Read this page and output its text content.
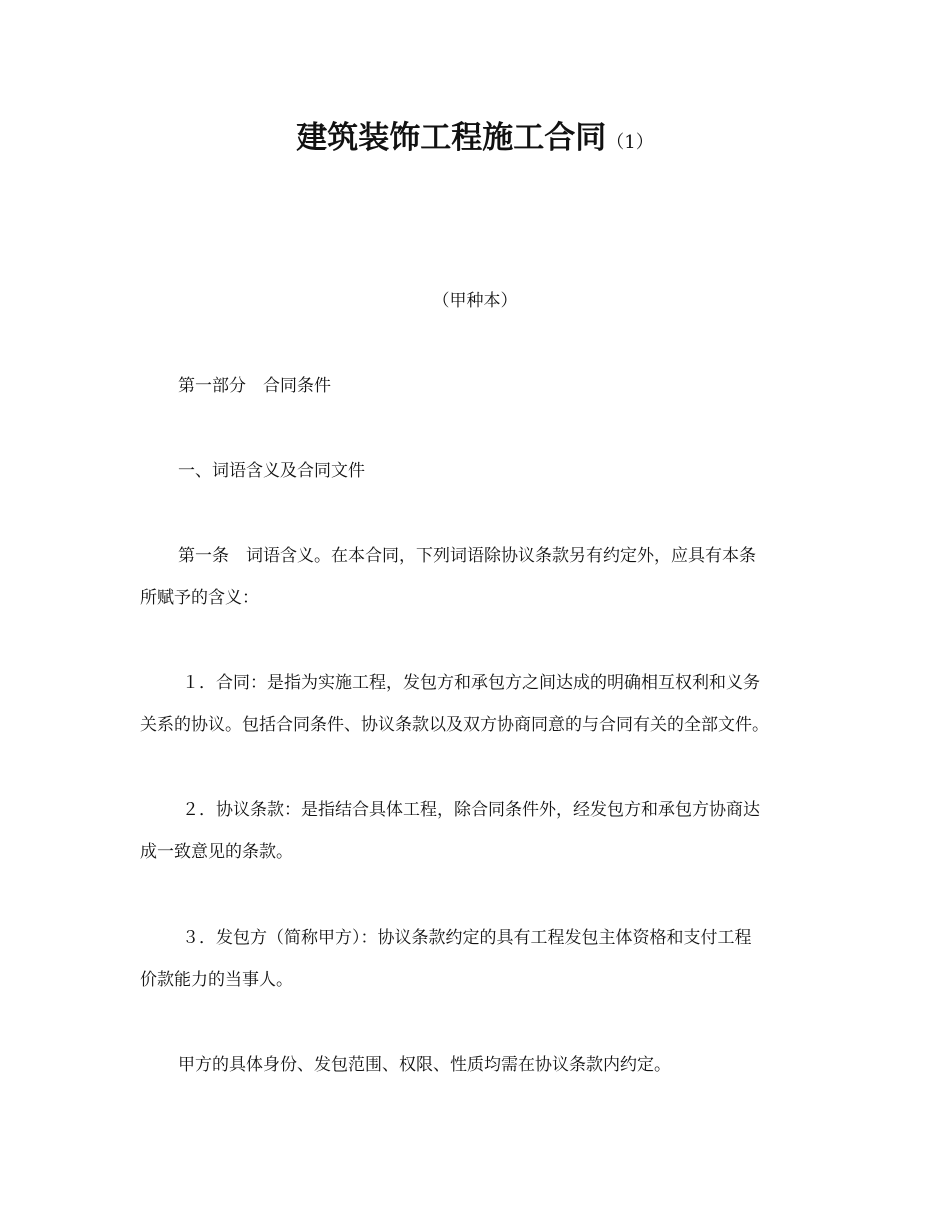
建筑装饰工程施工合同（1）
（甲种本）
第一部分　合同条件
一、词语含义及合同文件
第一条　词语含义。在本合同，下列词语除协议条款另有约定外，应具有本条
所赋予的含义：
１．合同：是指为实施工程，发包方和承包方之间达成的明确相互权利和义务
关系的协议。包括合同条件、协议条款以及双方协商同意的与合同有关的全部文件。
２．协议条款：是指结合具体工程，除合同条件外，经发包方和承包方协商达
成一致意见的条款。
３．发包方（简称甲方）：协议条款约定的具有工程发包主体资格和支付工程
价款能力的当事人。
甲方的具体身份、发包范围、权限、性质均需在协议条款内约定。
